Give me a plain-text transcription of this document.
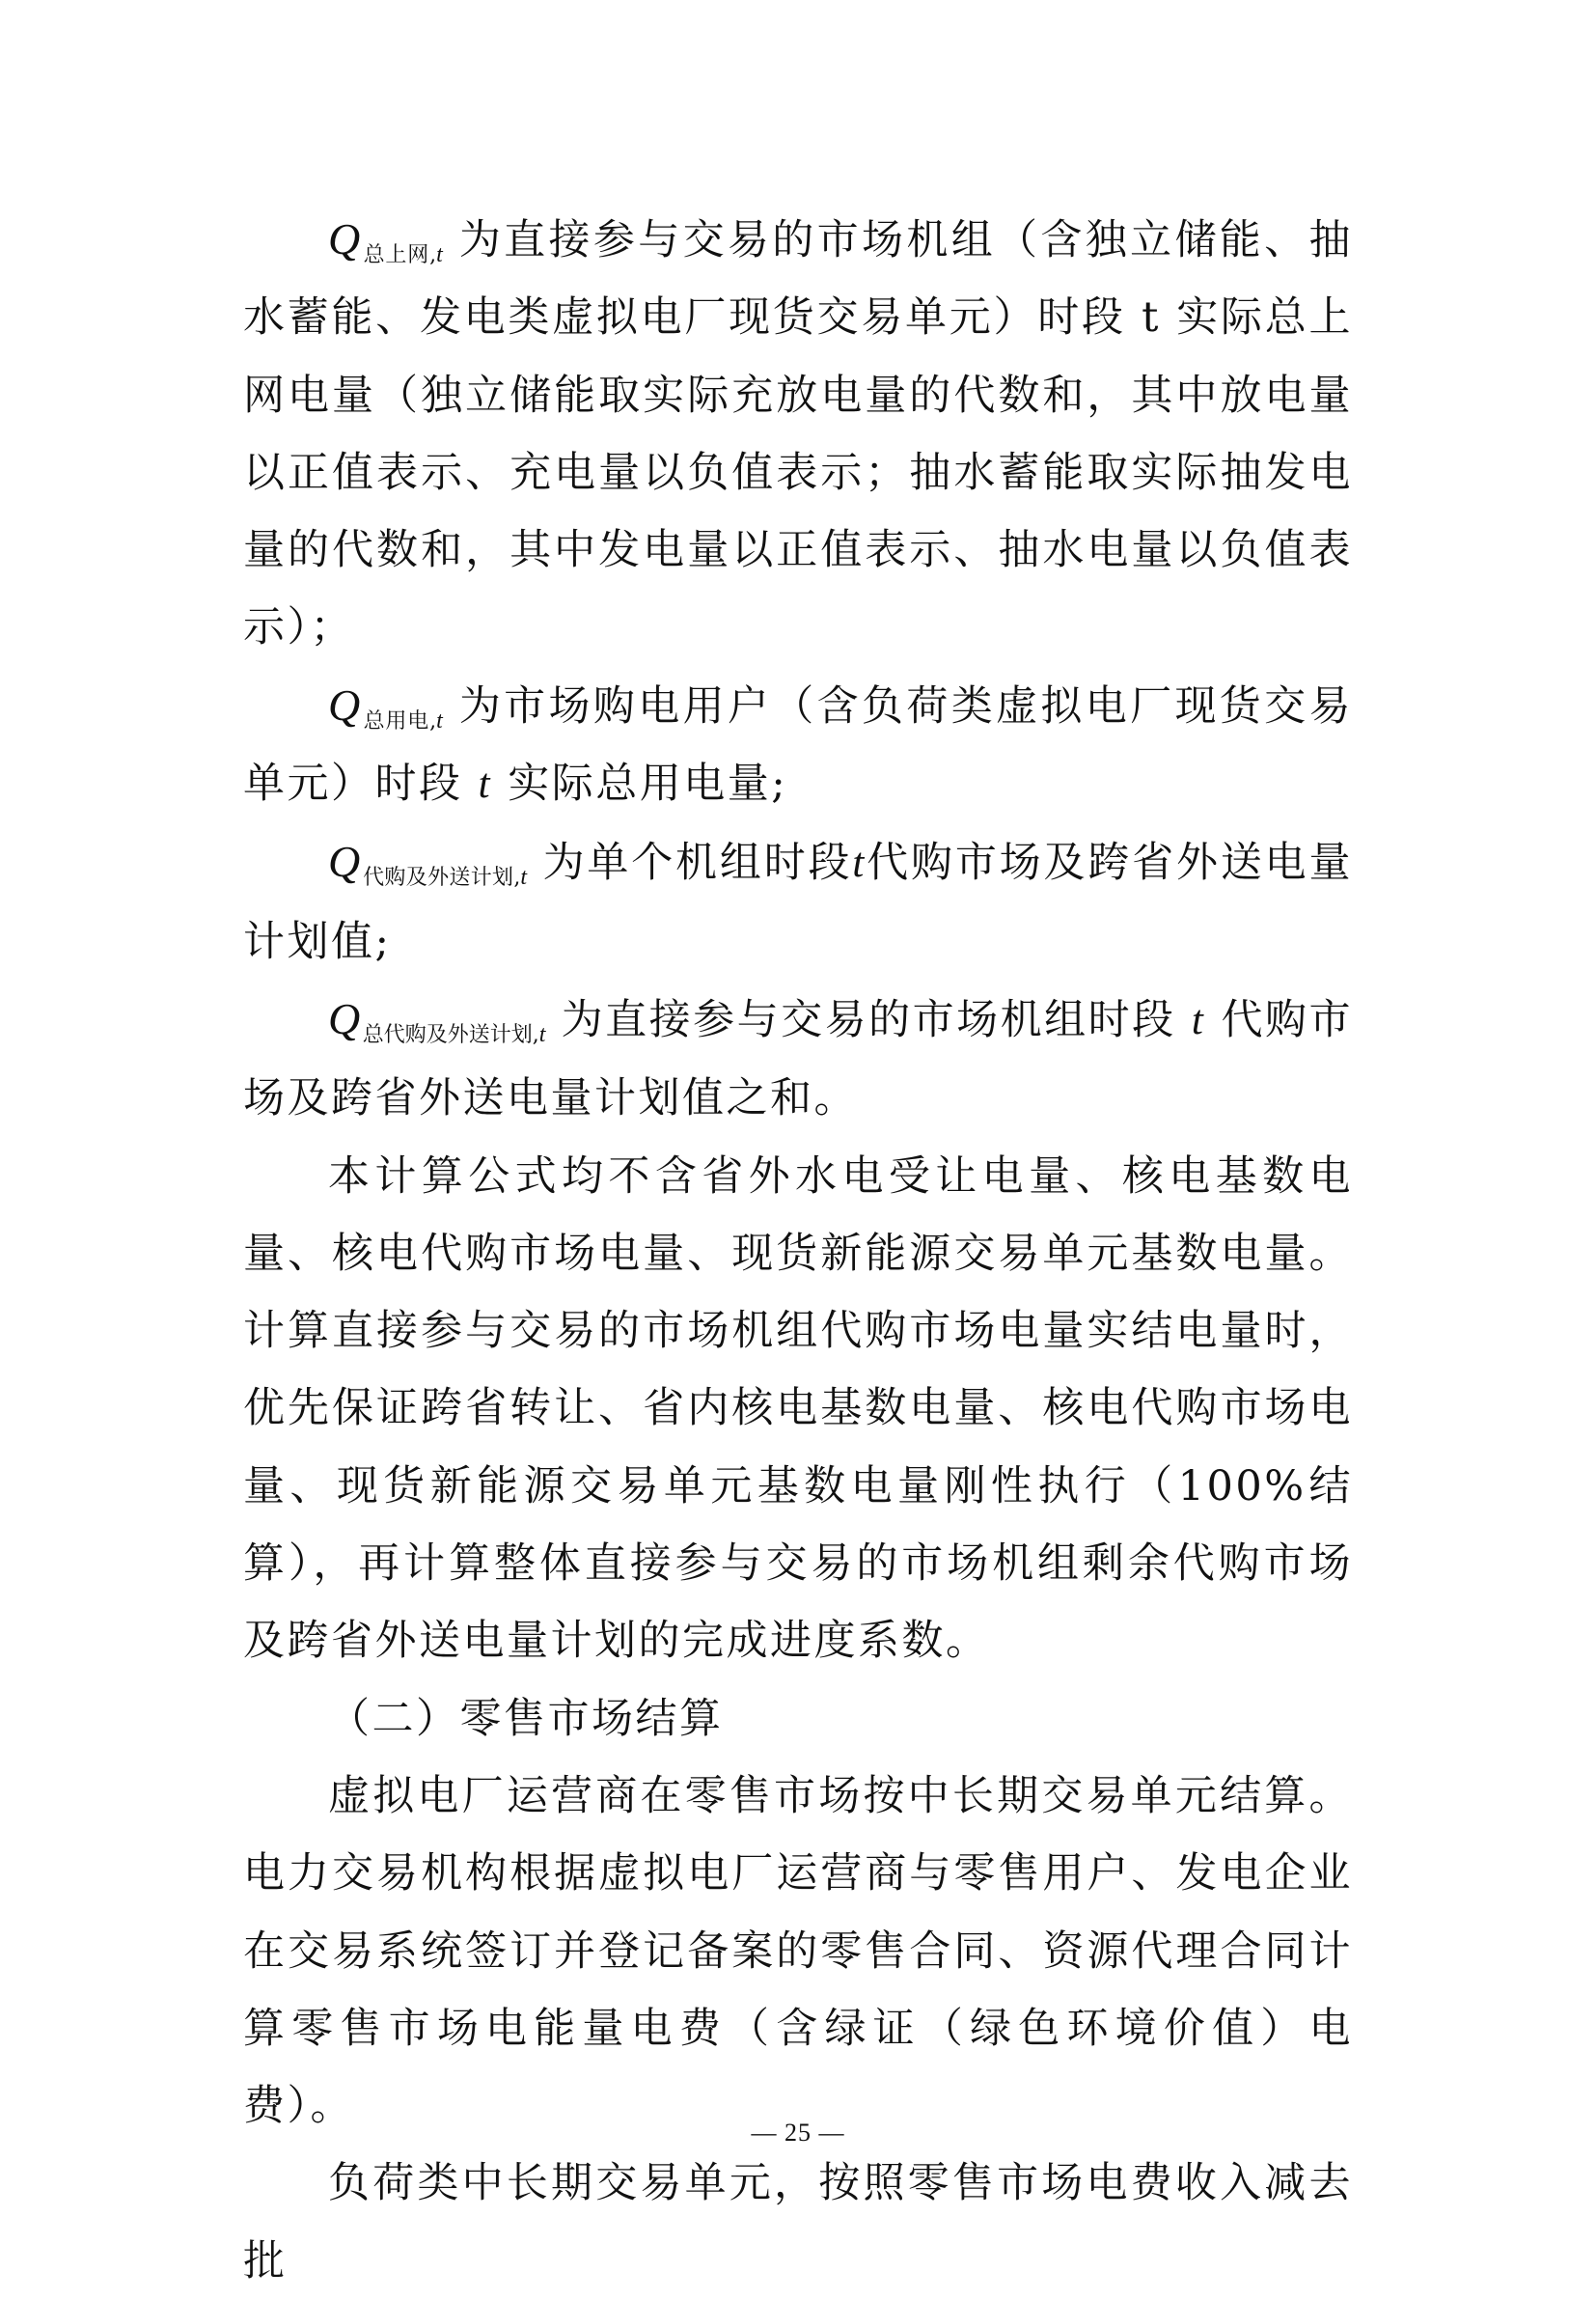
$Q_{总上网,t}$ 为直接参与交易的市场机组（含独立储能、抽水蓄能、发电类虚拟电厂现货交易单元）时段 t 实际总上网电量（独立储能取实际充放电量的代数和，其中放电量以正值表示、充电量以负值表示；抽水蓄能取实际抽发电量的代数和，其中发电量以正值表示、抽水电量以负值表示）；

$Q_{总用电,t}$ 为市场购电用户（含负荷类虚拟电厂现货交易单元）时段 t 实际总用电量;

$Q_{代购及外送计划,t}$ 为单个机组时段t代购市场及跨省外送电量计划值;

$Q_{总代购及外送计划,t}$ 为直接参与交易的市场机组时段 t 代购市场及跨省外送电量计划值之和。

本计算公式均不含省外水电受让电量、核电基数电量、核电代购市场电量、现货新能源交易单元基数电量。计算直接参与交易的市场机组代购市场电量实结电量时，优先保证跨省转让、省内核电基数电量、核电代购市场电量、现货新能源交易单元基数电量刚性执行（100%结算），再计算整体直接参与交易的市场机组剩余代购市场及跨省外送电量计划的完成进度系数。

（二）零售市场结算

虚拟电厂运营商在零售市场按中长期交易单元结算。电力交易机构根据虚拟电厂运营商与零售用户、发电企业在交易系统签订并登记备案的零售合同、资源代理合同计算零售市场电能量电费（含绿证（绿色环境价值）电费）。

负荷类中长期交易单元，按照零售市场电费收入减去批

— 25 —
